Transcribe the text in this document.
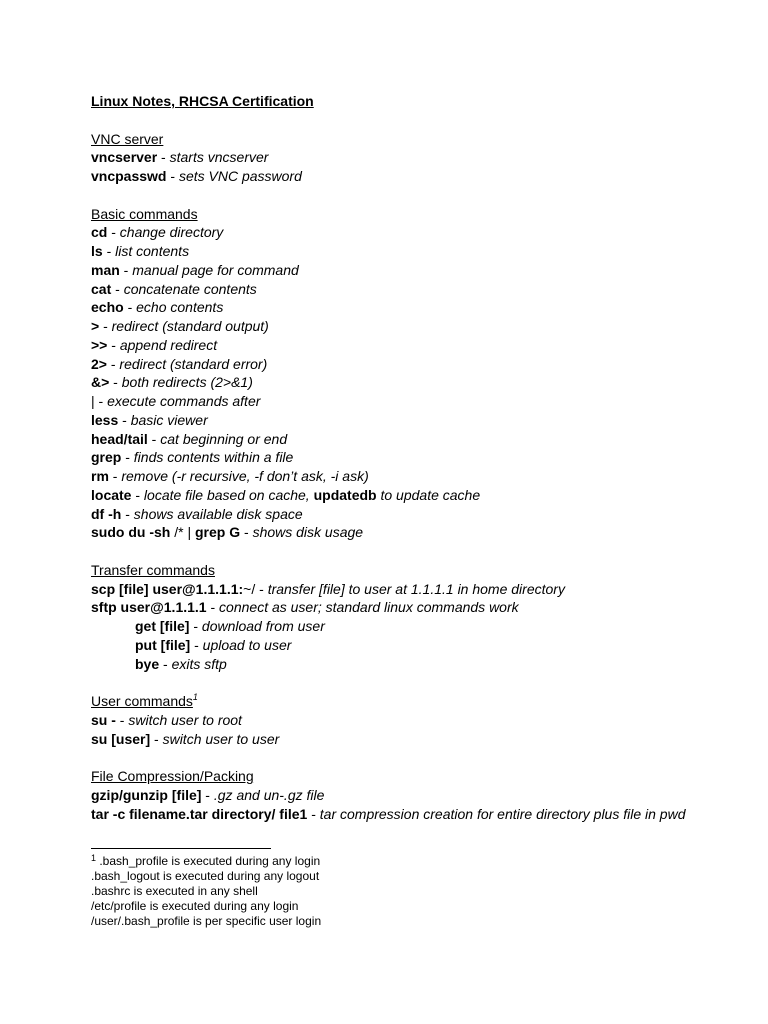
Linux Notes, RHCSA Certification
VNC server
vncserver - starts vncserver
vncpasswd - sets VNC password
Basic commands
cd - change directory
ls - list contents
man - manual page for command
cat - concatenate contents
echo - echo contents
> - redirect (standard output)
>> - append redirect
2> - redirect (standard error)
&> - both redirects (2>&1)
| - execute commands after
less - basic viewer
head/tail - cat beginning or end
grep - finds contents within a file
rm - remove (-r recursive, -f don’t ask, -i ask)
locate - locate file based on cache, updatedb to update cache
df -h - shows available disk space
sudo du -sh /* | grep G - shows disk usage
Transfer commands
scp [file] user@1.1.1.1:~/ - transfer [file] to user at 1.1.1.1 in home directory
sftp user@1.1.1.1 - connect as user; standard linux commands work
get [file] - download from user
put [file] - upload to user
bye - exits sftp
User commands$^1$
su - - switch user to root
su [user] - switch user to user
File Compression/Packing
gzip/gunzip [file] - .gz and un-.gz file
tar -c filename.tar directory/ file1 - tar compression creation for entire directory plus file in pwd
$^1$ .bash_profile is executed during any login
.bash_logout is executed during any logout
.bashrc is executed in any shell
/etc/profile is executed during any login
/user/.bash_profile is per specific user login
